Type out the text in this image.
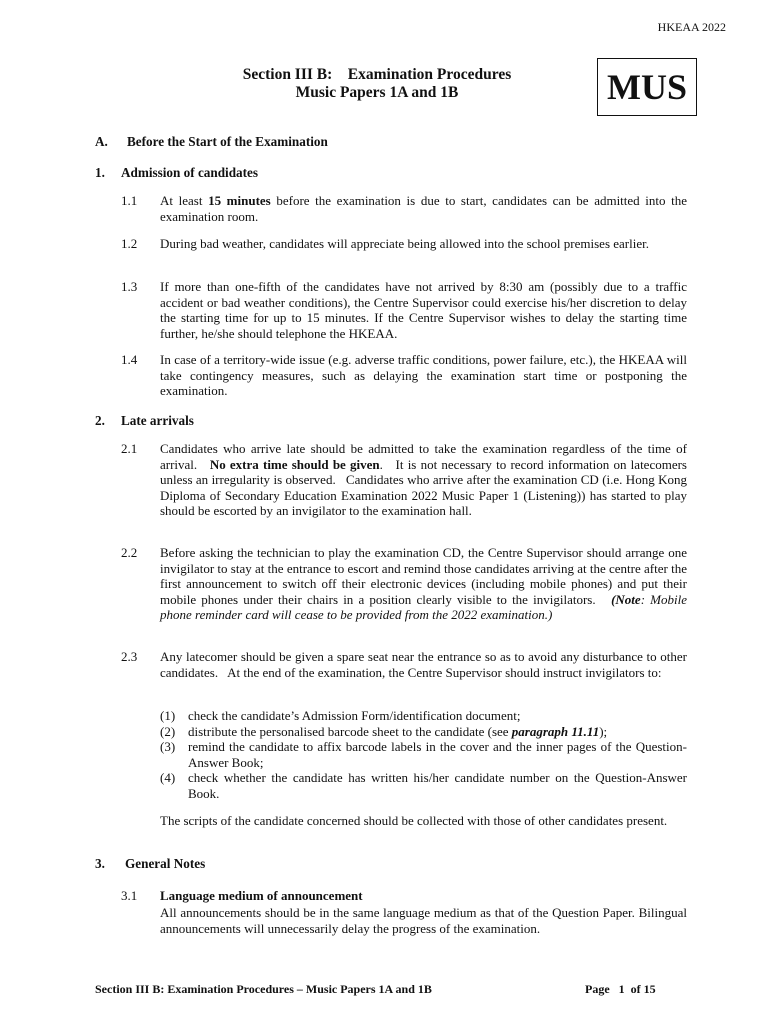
HKEAA 2022
Section III B:    Examination Procedures
Music Papers 1A and 1B	MUS
A. Before the Start of the Examination
1. Admission of candidates
1.1 At least 15 minutes before the examination is due to start, candidates can be admitted into the examination room.
1.2 During bad weather, candidates will appreciate being allowed into the school premises earlier.
1.3 If more than one-fifth of the candidates have not arrived by 8:30 am (possibly due to a traffic accident or bad weather conditions), the Centre Supervisor could exercise his/her discretion to delay the starting time for up to 15 minutes. If the Centre Supervisor wishes to delay the starting time further, he/she should telephone the HKEAA.
1.4 In case of a territory-wide issue (e.g. adverse traffic conditions, power failure, etc.), the HKEAA will take contingency measures, such as delaying the examination start time or postponing the examination.
2. Late arrivals
2.1 Candidates who arrive late should be admitted to take the examination regardless of the time of arrival.   No extra time should be given.   It is not necessary to record information on latecomers unless an irregularity is observed.   Candidates who arrive after the examination CD (i.e. Hong Kong Diploma of Secondary Education Examination 2022 Music Paper 1 (Listening)) has started to play should be escorted by an invigilator to the examination hall.
2.2 Before asking the technician to play the examination CD, the Centre Supervisor should arrange one invigilator to stay at the entrance to escort and remind those candidates arriving at the centre after the first announcement to switch off their electronic devices (including mobile phones) and put their mobile phones under their chairs in a position clearly visible to the invigilators.   (Note: Mobile phone reminder card will cease to be provided from the 2022 examination.)
2.3 Any latecomer should be given a spare seat near the entrance so as to avoid any disturbance to other candidates.   At the end of the examination, the Centre Supervisor should instruct invigilators to:
(1) check the candidate’s Admission Form/identification document;
(2) distribute the personalised barcode sheet to the candidate (see paragraph 11.11);
(3) remind the candidate to affix barcode labels in the cover and the inner pages of the Question-Answer Book;
(4) check whether the candidate has written his/her candidate number on the Question-Answer Book.
The scripts of the candidate concerned should be collected with those of other candidates present.
3. General Notes
3.1 Language medium of announcement
All announcements should be in the same language medium as that of the Question Paper. Bilingual announcements will unnecessarily delay the progress of the examination.
Section III B: Examination Procedures – Music Papers 1A and 1B	Page   1  of 15
